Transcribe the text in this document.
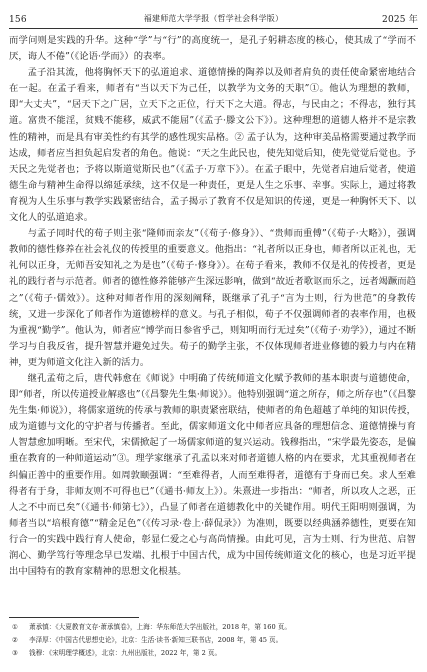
156	福建师范大学学报（哲学社会科学版）	2025 年

而学问则是实践的升华。这种“学”与“行”的高度统一，是孔子躬耕态度的核心，使其成了“学而不厌，诲人不倦”（《论语·学而》）的表率。

孟子沿其流，他将胸怀天下的弘道追求、道德情操的陶养以及师者肩负的责任使命紧密地结合在一起。在孟子看来，师者有“当以天下为己任，以教学为文务的天职”①。他认为理想的教师，即“大丈夫”，“居天下之广居，立天下之正位，行天下之大道。得志，与民由之；不得志，独行其道。富贵不能淫，贫贱不能移，威武不能屈”（《孟子·滕文公下》）。这种理想的道德人格并不是宗教性的精神，而是具有审美性约有其学的感性现实品格。② 孟子认为，这种审美品格需要通过教学而达成，师者应当担负起启发者的角色。他说：“天之生此民也，使先知觉后知，使先觉觉后觉也。予天民之先觉者也；予将以斯道觉斯民也”（《孟子·万章下》）。在孟子眼中，先觉者启迪后觉者，使道德生命与精神生命得以绵延承续，这不仅是一种责任，更是人生之乐事、幸事。实际上，通过将教育视为人生乐事与教学实践紧密结合，孟子揭示了教育不仅是知识的传递，更是一种胸怀天下、以文化人的弘道追求。

与孟子同时代的荀子则主张“隆师而亲友”（《荀子·修身》）、“贵师而重傅”（《荀子·大略》），强调教师的德性修养在社会礼仪的传授里的重要意义。他指出：“礼者所以正身也，师者所以正礼也，无礼何以正身，无师吾安知礼之为是也”（《荀子·修身》）。在荀子看来，教师不仅是礼的传授者，更是礼的践行者与示范者。师者的德性修养能够产生深远影响，做到“故近者歌讴而乐之，远者竭蹶而趋之”（《荀子·儒效》）。这种对师者作用的深刻阐释，既继承了孔子“言为士则，行为世范”的身教传统，又进一步深化了师者作为道德榜样的意义。与孔子相似，荀子不仅强调师者的表率作用，也极为重视“勤学”。他认为，师者应“博学而日参省乎己，则知明而行无过矣”（《荀子·劝学》），通过不断学习与自我反省，提升智慧并避免过失。荀子的勤学主张，不仅体现师者进业修德的毅力与内在精神，更为师道文化注入新的活力。

继孔孟荀之后，唐代韩愈在《师说》中明确了传统师道文化赋予教师的基本职责与道德使命，即“师者，所以传道授业解惑也”（《昌黎先生集·师说》）。他特别强调“道之所存，师之所存也”（《昌黎先生集·师说》），将儒家道统的传承与教师的职责紧密联结，使师者的角色超越了单纯的知识传授，成为道德与文化的守护者与传播者。至此，儒家师道文化中师者应具备的理想信念、道德情操与育人智慧愈加明晰。至宋代，宋儒掀起了一场儒家师道的复兴运动。钱穆指出，“宋学最先姿态，是偏重在教育的一种师道运动”③。理学家继承了孔孟以来对师者道德人格的内在要求，尤其重视师者在纠偏正善中的重要作用。如周敦颐强调：“至难得者，人而至难得者，道德有于身而已矣。求人至难得者有于身，非师友则不可得也已”（《通书·师友上》）。朱熹进一步指出：“师者，所以攻人之恶，正人之不中而已矣”（《通书·师第七》），凸显了师者在道德教化中的关键作用。明代王阳明则强调，为师者当以“培根育德”“精金足色”（《传习录·卷上·薛侃录》）为准则，既要以经典涵养德性，更要在知行合一的实践中践行育人使命，彰显仁爱之心与高尚情操。由此可见，言为士则、行为世范、启智润心、勤学笃行等理念早已发端、扎根于中国古代，成为中国传统师道文化的核心，也是习近平提出中国特有的教育家精神的思想文化根基。

①	萧承慎：《大夏教育文存·萧承慎卷》，上海：华东师范大学出版社，2018 年，第 160 页。
②	李泽厚：《中国古代思想史论》，北京：生活·读书·新知三联书店，2008 年，第 45 页。
③	钱穆：《宋明理学概述》，北京：九州出版社，2022 年，第 2 页。
